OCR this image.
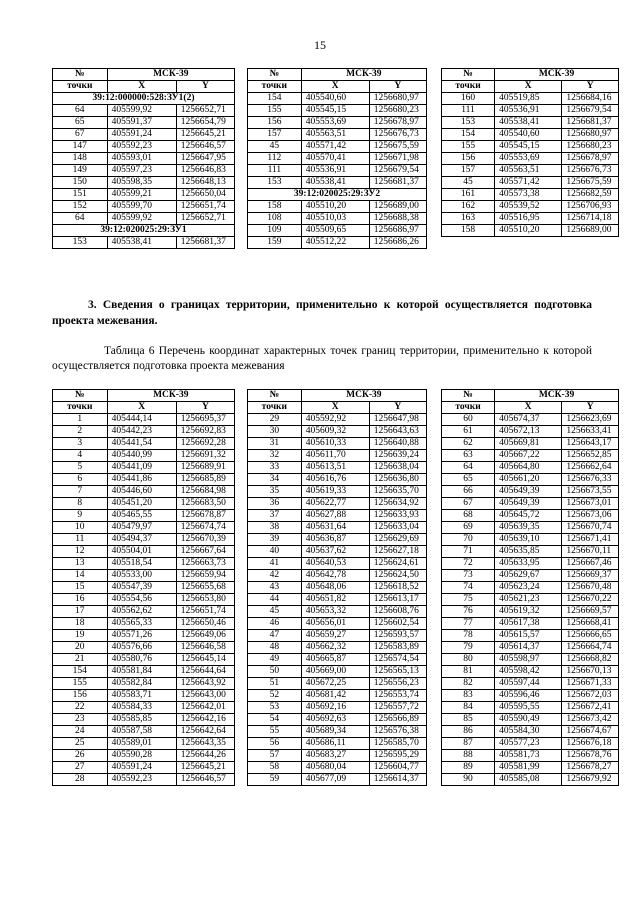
15
№	МСК-39	
точки	X	Y
39:12:000000:528:ЗУ1(2)		
64	405599,92	1256652,71
65	405591,37	1256654,79
67	405591,24	1256645,21
147	405592,23	1256646,57
148	405593,01	1256647,95
149	405597,23	1256646,83
150	405598,35	1256648,13
151	405599,21	1256650,04
152	405599,70	1256651,74
64	405599,92	1256652,71
39:12:020025:29:ЗУ1		
153	405538,41	1256681,37
№	МСК-39	
точки	X	Y
154	405540,60	1256680,97
155	405545,15	1256680,23
156	405553,69	1256678,97
157	405563,51	1256676,73
45	405571,42	1256675,59
112	405570,41	1256671,98
111	405536,91	1256679,54
153	405538,41	1256681,37
39:12:020025:29:ЗУ2		
158	405510,20	1256689,00
108	405510,03	1256688,38
109	405509,65	1256686,97
159	405512,22	1256686,26
№	МСК-39	
точки	X	Y
160	405519,85	1256684,16
111	405536,91	1256679,54
153	405538,41	1256681,37
154	405540,60	1256680,97
155	405545,15	1256680,23
156	405553,69	1256678,97
157	405563,51	1256676,73
45	405571,42	1256675,59
161	405573,38	1256682,59
162	405539,52	1256706,93
163	405516,95	1256714,18
158	405510,20	1256689,00
3. Сведения о границах территории, применительно к которой осуществляется подготовка проекта межевания.
Таблица 6 Перечень координат характерных точек границ территории, применительно к которой осуществляется подготовка проекта межевания
№	МСК-39	
точки	X	Y
1	405444,14	1256695,37
2	405442,23	1256692,83
3	405441,54	1256692,28
4	405440,99	1256691,32
5	405441,09	1256689,91
6	405441,86	1256685,89
7	405446,60	1256684,98
8	405451,20	1256683,50
9	405465,55	1256678,87
10	405479,97	1256674,74
11	405494,37	1256670,39
12	405504,01	1256667,64
13	405518,54	1256663,73
14	405533,00	1256659,94
15	405547,39	1256655,68
16	405554,56	1256653,80
17	405562,62	1256651,74
18	405565,33	1256650,46
19	405571,26	1256649,06
20	405576,66	1256646,58
21	405580,76	1256645,14
154	405581,84	1256644,64
155	405582,84	1256643,92
156	405583,71	1256643,00
22	405584,33	1256642,01
23	405585,85	1256642,16
24	405587,58	1256642,64
25	405589,01	1256643,35
26	405590,28	1256644,26
27	405591,24	1256645,21
28	405592,23	1256646,57
№	МСК-39	
точки	X	Y
29	405592,92	1256647,98
30	405609,32	1256643,63
31	405610,33	1256640,88
32	405611,70	1256639,24
33	405613,51	1256638,04
34	405616,76	1256636,80
35	405619,33	1256635,70
36	405622,77	1256634,92
37	405627,88	1256633,93
38	405631,64	1256633,04
39	405636,87	1256629,69
40	405637,62	1256627,18
41	405640,53	1256624,61
42	405642,78	1256624,50
43	405648,06	1256618,52
44	405651,82	1256613,17
45	405653,32	1256608,76
46	405656,01	1256602,54
47	405659,27	1256593,57
48	405662,32	1256583,89
49	405665,87	1256574,54
50	405669,00	1256565,13
51	405672,25	1256556,23
52	405681,42	1256553,74
53	405692,16	1256557,72
54	405692,63	1256566,89
55	405689,34	1256576,38
56	405686,11	1256585,70
57	405683,27	1256595,29
58	405680,04	1256604,77
59	405677,09	1256614,37
№	МСК-39	
точки	X	Y
60	405674,37	1256623,69
61	405672,13	1256633,41
62	405669,81	1256643,17
63	405667,22	1256652,85
64	405664,80	1256662,64
65	405661,20	1256676,33
66	405649,39	1256673,55
67	405649,39	1256673,01
68	405645,72	1256673,06
69	405639,35	1256670,74
70	405639,10	1256671,41
71	405635,85	1256670,11
72	405633,95	1256667,46
73	405629,67	1256669,37
74	405623,24	1256670,48
75	405621,23	1256670,22
76	405619,32	1256669,57
77	405617,38	1256668,41
78	405615,57	1256666,65
79	405614,37	1256664,74
80	405598,97	1256668,82
81	405598,42	1256670,13
82	405597,44	1256671,33
83	405596,46	1256672,03
84	405595,55	1256672,41
85	405590,49	1256673,42
86	405584,30	1256674,67
87	405577,23	1256676,18
88	405581,73	1256678,76
89	405581,99	1256678,27
90	405585,08	1256679,92
